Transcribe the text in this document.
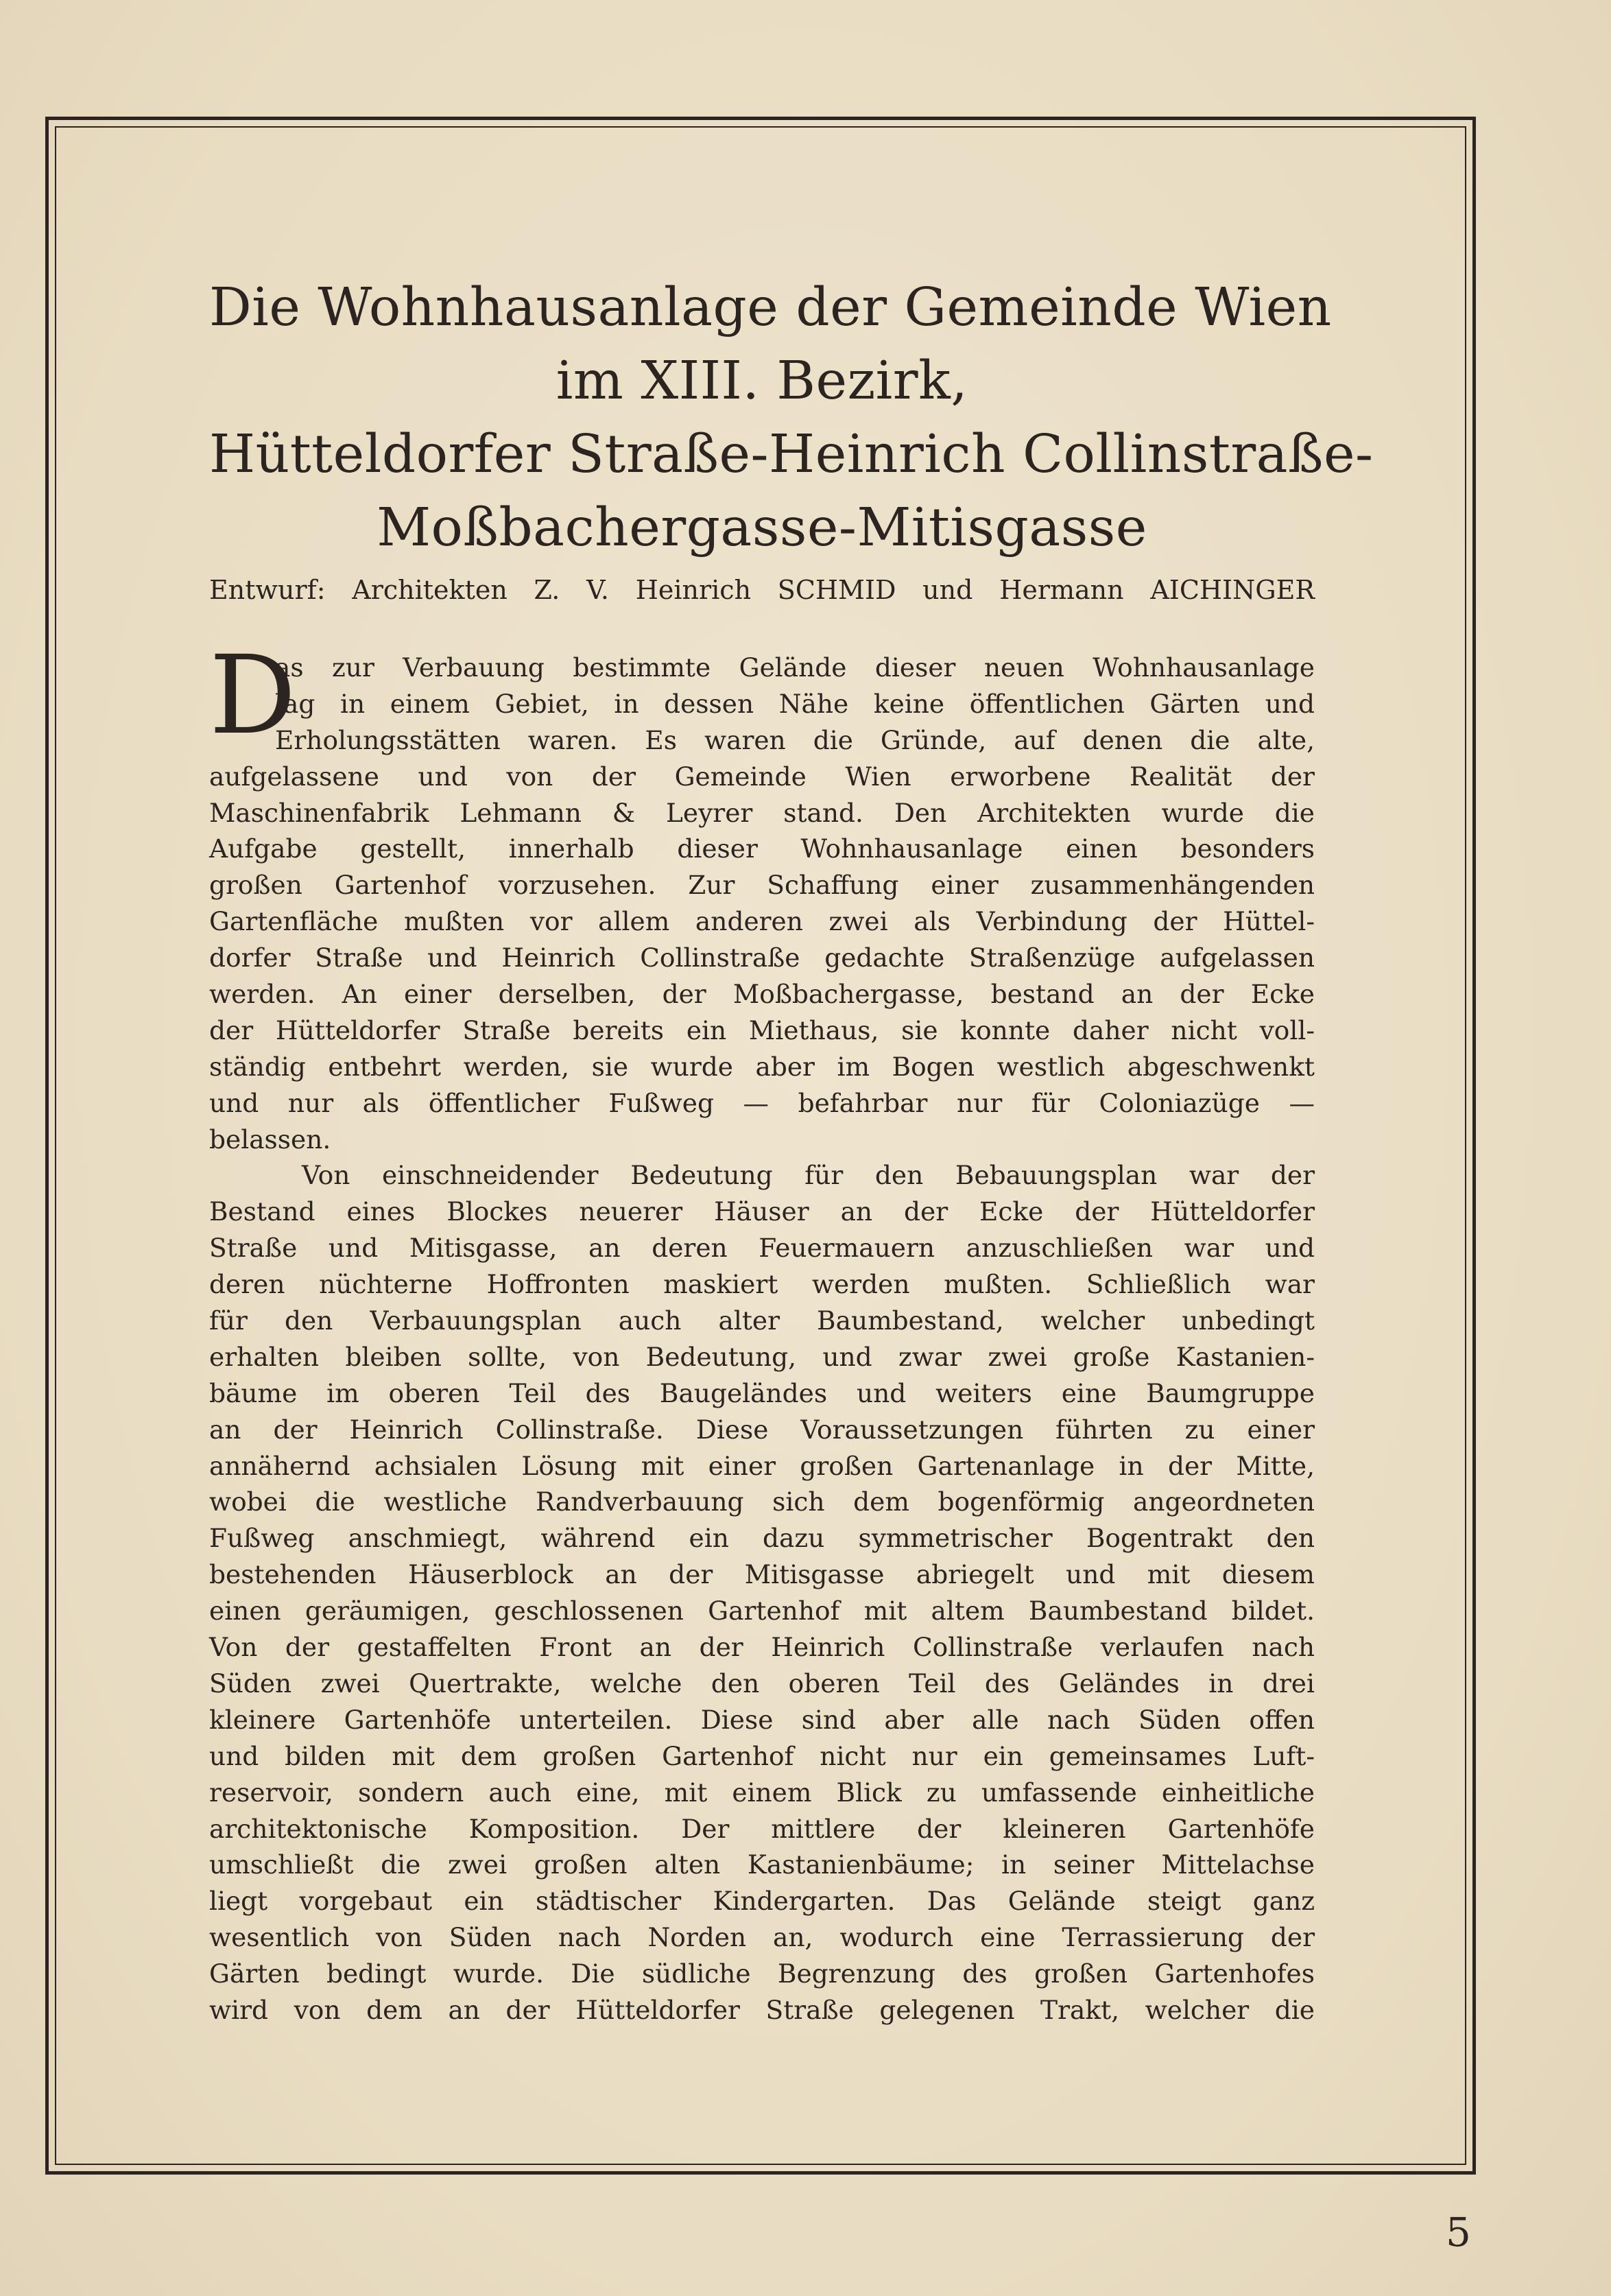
Die Wohnhausanlage der Gemeinde Wien
im XIII. Bezirk,
Hütteldorfer Straße-Heinrich Collinstraße-
Moßbachergasse-Mitisgasse
Entwurf: Architekten Z. V. Heinrich SCHMID und Hermann AICHINGER
D
as zur Verbauung bestimmte Gelände dieser neuen Wohnhausanlage
lag in einem Gebiet, in dessen Nähe keine öffentlichen Gärten und
Erholungsstätten waren. Es waren die Gründe, auf denen die alte,
aufgelassene und von der Gemeinde Wien erworbene Realität der
Maschinenfabrik Lehmann & Leyrer stand. Den Architekten wurde die
Aufgabe gestellt, innerhalb dieser Wohnhausanlage einen besonders
großen Gartenhof vorzusehen. Zur Schaffung einer zusammenhängenden
Gartenfläche mußten vor allem anderen zwei als Verbindung der Hüttel-
dorfer Straße und Heinrich Collinstraße gedachte Straßenzüge aufgelassen
werden. An einer derselben, der Moßbachergasse, bestand an der Ecke
der Hütteldorfer Straße bereits ein Miethaus, sie konnte daher nicht voll-
ständig entbehrt werden, sie wurde aber im Bogen westlich abgeschwenkt
und nur als öffentlicher Fußweg — befahrbar nur für Coloniazüge —
belassen.
Von einschneidender Bedeutung für den Bebauungsplan war der
Bestand eines Blockes neuerer Häuser an der Ecke der Hütteldorfer
Straße und Mitisgasse, an deren Feuermauern anzuschließen war und
deren nüchterne Hoffronten maskiert werden mußten. Schließlich war
für den Verbauungsplan auch alter Baumbestand, welcher unbedingt
erhalten bleiben sollte, von Bedeutung, und zwar zwei große Kastanien-
bäume im oberen Teil des Baugeländes und weiters eine Baumgruppe
an der Heinrich Collinstraße. Diese Voraussetzungen führten zu einer
annähernd achsialen Lösung mit einer großen Gartenanlage in der Mitte,
wobei die westliche Randverbauung sich dem bogenförmig angeordneten
Fußweg anschmiegt, während ein dazu symmetrischer Bogentrakt den
bestehenden Häuserblock an der Mitisgasse abriegelt und mit diesem
einen geräumigen, geschlossenen Gartenhof mit altem Baumbestand bildet.
Von der gestaffelten Front an der Heinrich Collinstraße verlaufen nach
Süden zwei Quertrakte, welche den oberen Teil des Geländes in drei
kleinere Gartenhöfe unterteilen. Diese sind aber alle nach Süden offen
und bilden mit dem großen Gartenhof nicht nur ein gemeinsames Luft-
reservoir, sondern auch eine, mit einem Blick zu umfassende einheitliche
architektonische Komposition. Der mittlere der kleineren Gartenhöfe
umschließt die zwei großen alten Kastanienbäume; in seiner Mittelachse
liegt vorgebaut ein städtischer Kindergarten. Das Gelände steigt ganz
wesentlich von Süden nach Norden an, wodurch eine Terrassierung der
Gärten bedingt wurde. Die südliche Begrenzung des großen Gartenhofes
wird von dem an der Hütteldorfer Straße gelegenen Trakt, welcher die
5
